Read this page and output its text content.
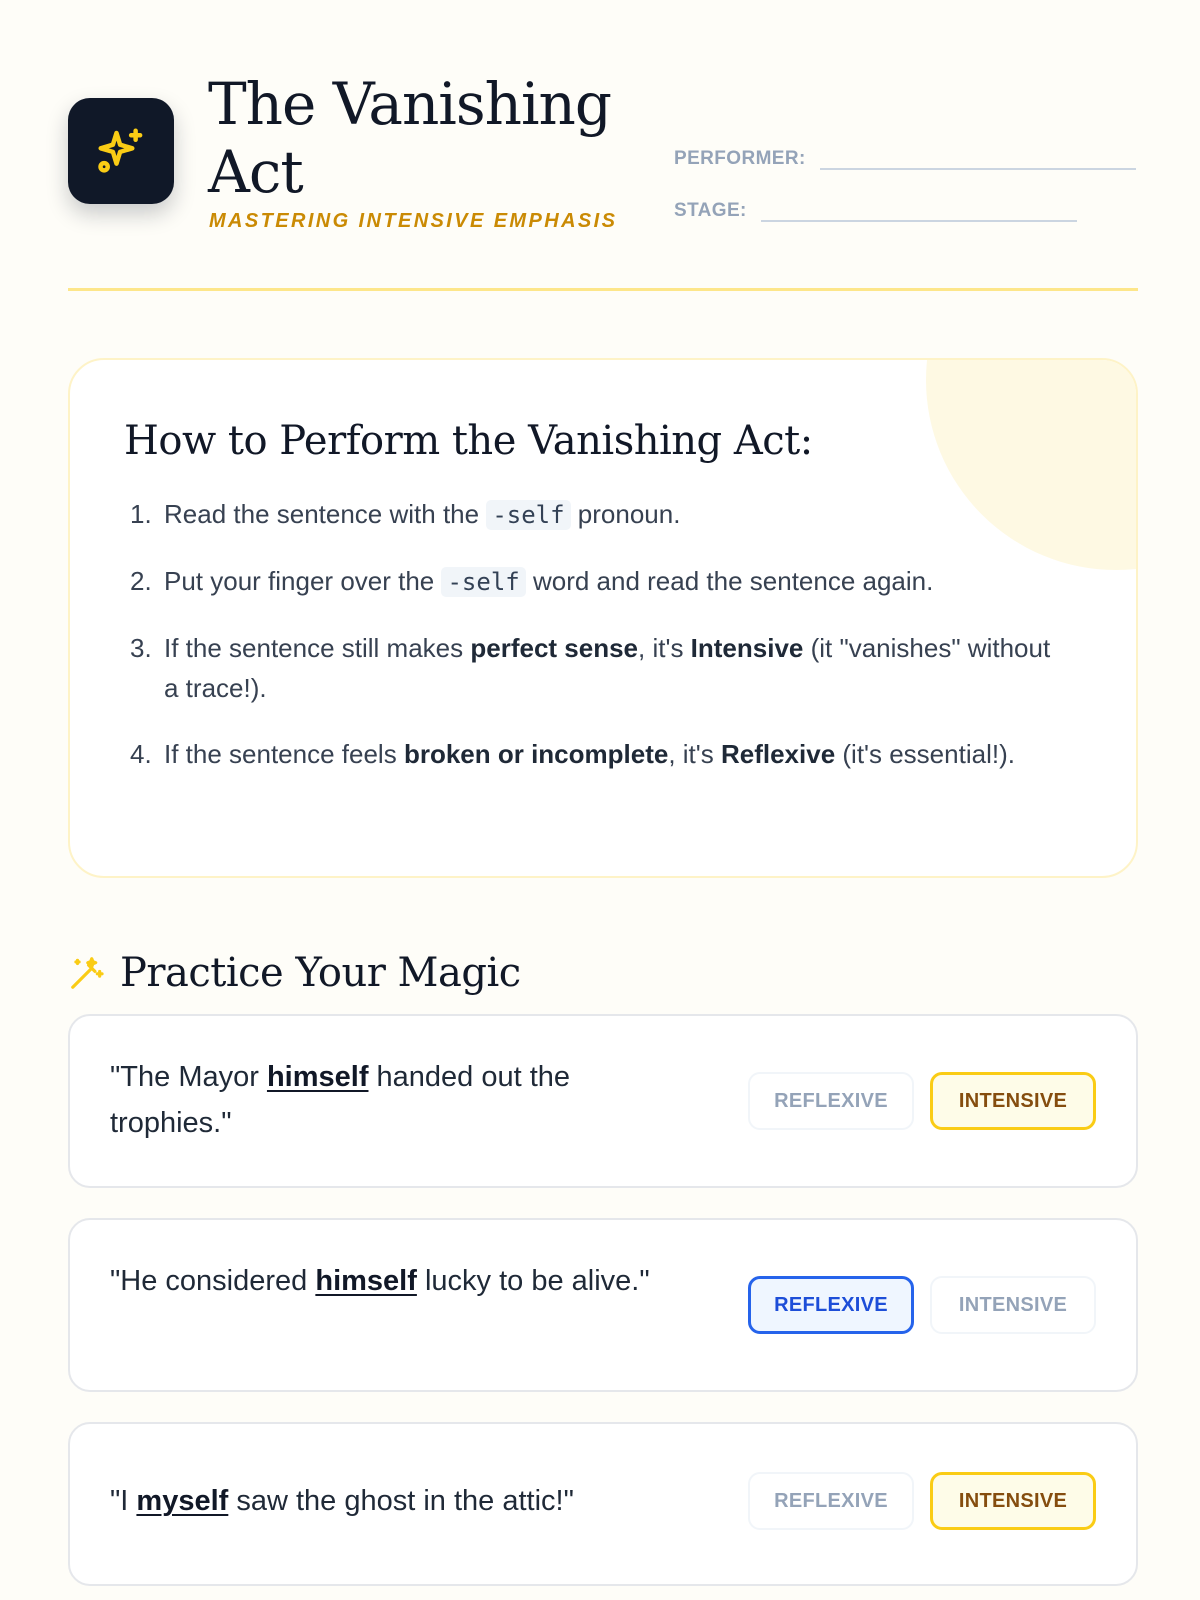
The Vanishing Act
MASTERING INTENSIVE EMPHASIS
PERFORMER:
STAGE:
How to Perform the Vanishing Act:
1. Read the sentence with the -self pronoun.
2. Put your finger over the -self word and read the sentence again.
3. If the sentence still makes perfect sense, it's Intensive (it "vanishes" without a trace!).
4. If the sentence feels broken or incomplete, it's Reflexive (it's essential!).
Practice Your Magic
"The Mayor himself handed out the trophies."
REFLEXIVE	INTENSIVE
"He considered himself lucky to be alive."
REFLEXIVE	INTENSIVE
"I myself saw the ghost in the attic!"	REFLEXIVE	INTENSIVE
